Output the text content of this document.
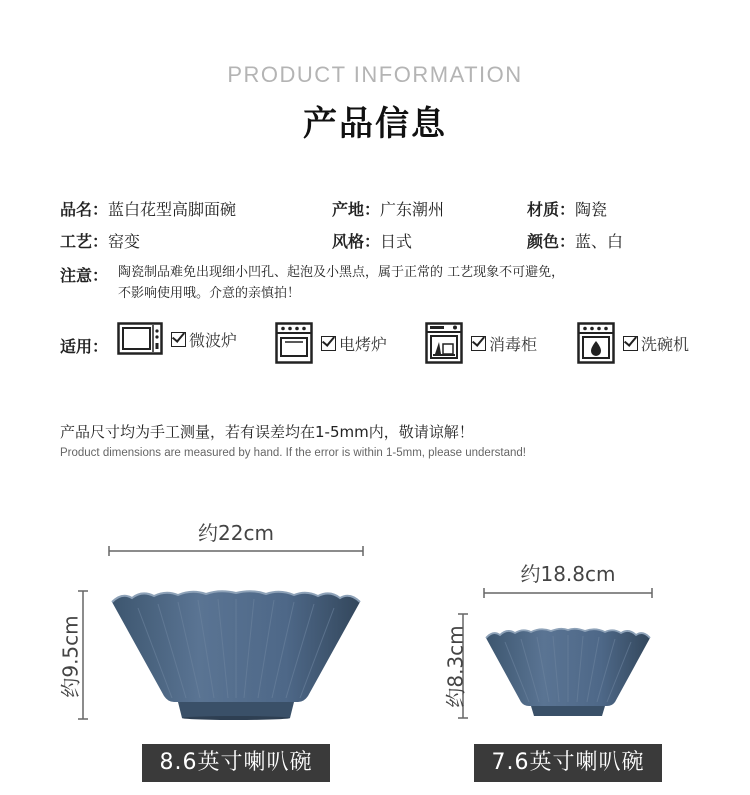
PRODUCT INFORMATION
产品信息
品名：蓝白花型高脚面碗	产地：广东潮州	材质：陶瓷
工艺：窑变	风格：日式	颜色：蓝、白
注意： 陶瓷制品难免出现细小凹孔、起泡及小黑点，属于正常的 工艺现象不可避免，
不影响使用哦。介意的亲慎拍！
适用：	微波炉	电烤炉	消毒柜	洗碗机
产品尺寸均为手工测量，若有误差均在1-5mm内，敬请谅解！
Product dimensions are measured by hand. If the error is within 1-5mm, please understand!
约22cm
约9.5cm
约18.8cm
约8.3cm
8.6英寸喇叭碗	7.6英寸喇叭碗
